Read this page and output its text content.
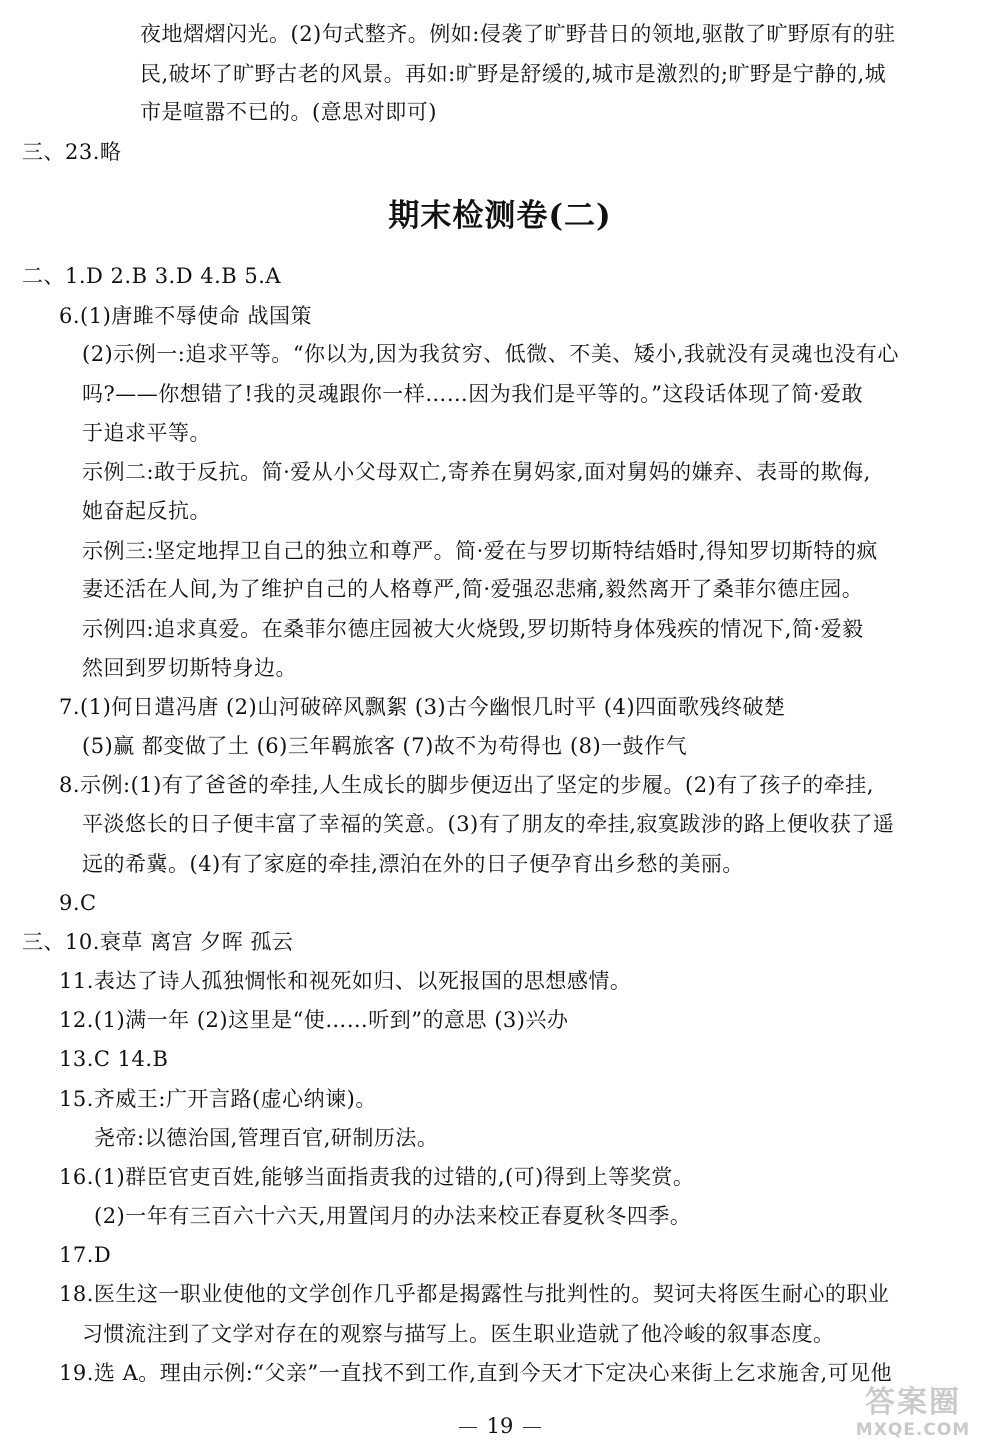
夜地熠熠闪光。(2)句式整齐。例如:侵袭了旷野昔日的领地,驱散了旷野原有的驻
民,破坏了旷野古老的风景。再如:旷野是舒缓的,城市是激烈的;旷野是宁静的,城
市是喧嚣不已的。(意思对即可)
三、23.略
期末检测卷(二)
二、1.D 2.B 3.D 4.B 5.A
6.(1)唐雎不辱使命 战国策
(2)示例一:追求平等。“你以为,因为我贫穷、低微、不美、矮小,我就没有灵魂也没有心
吗?——你想错了!我的灵魂跟你一样……因为我们是平等的。”这段话体现了简·爱敢
于追求平等。
示例二:敢于反抗。简·爱从小父母双亡,寄养在舅妈家,面对舅妈的嫌弃、表哥的欺侮,
她奋起反抗。
示例三:坚定地捍卫自己的独立和尊严。简·爱在与罗切斯特结婚时,得知罗切斯特的疯
妻还活在人间,为了维护自己的人格尊严,简·爱强忍悲痛,毅然离开了桑菲尔德庄园。
示例四:追求真爱。在桑菲尔德庄园被大火烧毁,罗切斯特身体残疾的情况下,简·爱毅
然回到罗切斯特身边。
7.(1)何日遣冯唐 (2)山河破碎风飘絮 (3)古今幽恨几时平 (4)四面歌残终破楚
(5)赢 都变做了土 (6)三年羁旅客 (7)故不为苟得也 (8)一鼓作气
8.示例:(1)有了爸爸的牵挂,人生成长的脚步便迈出了坚定的步履。(2)有了孩子的牵挂,
平淡悠长的日子便丰富了幸福的笑意。(3)有了朋友的牵挂,寂寞跋涉的路上便收获了遥
远的希冀。(4)有了家庭的牵挂,漂泊在外的日子便孕育出乡愁的美丽。
9.C
三、10.衰草 离宫 夕晖 孤云
11.表达了诗人孤独惆怅和视死如归、以死报国的思想感情。
12.(1)满一年 (2)这里是“使……听到”的意思 (3)兴办
13.C 14.B
15.齐威王:广开言路(虚心纳谏)。
尧帝:以德治国,管理百官,研制历法。
16.(1)群臣官吏百姓,能够当面指责我的过错的,(可)得到上等奖赏。
(2)一年有三百六十六天,用置闰月的办法来校正春夏秋冬四季。
17.D
18.医生这一职业使他的文学创作几乎都是揭露性与批判性的。契诃夫将医生耐心的职业
习惯流注到了文学对存在的观察与描写上。医生职业造就了他冷峻的叙事态度。
19.选 A。理由示例:“父亲”一直找不到工作,直到今天才下定决心来街上乞求施舍,可见他
19
答案圈
MXQE.COM
